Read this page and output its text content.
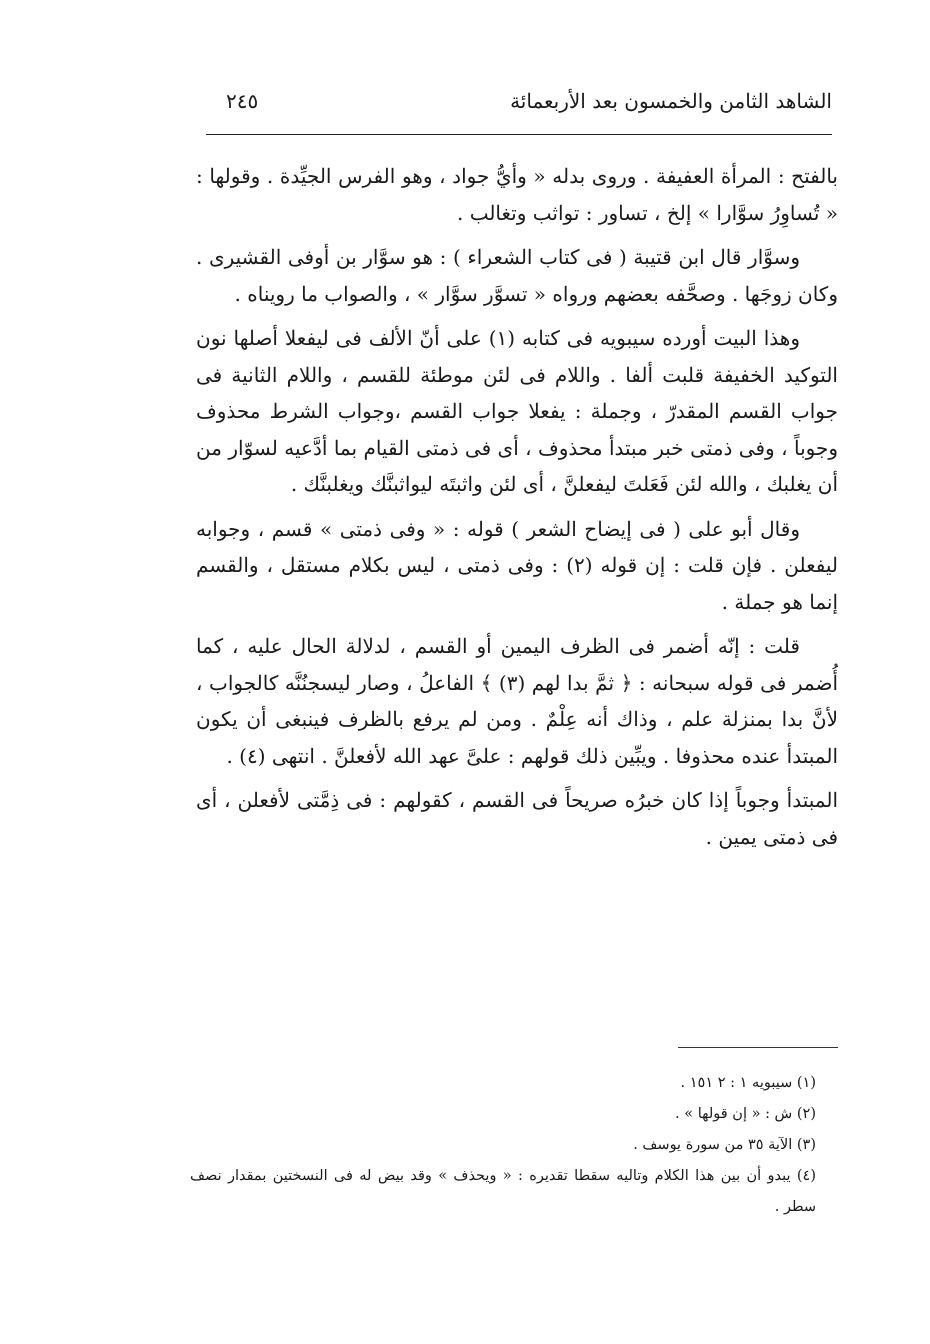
الشاهد الثامن والخمسون بعد الأربعمائة
٢٤٥

بالفتح : المرأة العفيفة . وروى بدله « وأيُّ جواد ، وهو الفرس الجيِّدة . وقولها : « تُساوِرُ سوَّارا » إلخ ، تساور : تواثب وتغالب .

وسوَّار قال ابن قتيبة ( فى كتاب الشعراء ) : هو سوَّار بن أوفى القشيرى . وكان زوجَها . وصحَّفه بعضهم ورواه « تسوَّر سوَّار » ، والصواب ما رويناه .

وهذا البيت أورده سيبويه فى كتابه (١) على أنّ الألف فى ليفعلا أصلها نون التوكيد الخفيفة قلبت ألفا . واللام فى لئن موطئة للقسم ، واللام الثانية فى جواب القسم المقدرّ ، وجملة : يفعلا جواب القسم ،وجواب الشرط محذوف وجوباً ، وفى ذمتى خبر مبتدأ محذوف ، أى فى ذمتى القيام بما أدَّعيه لسوّار من أن يغلبك ، والله لئن فَعَلتَ ليفعلنَّ ، أى لئن واثبتَه ليواثبنَّك ويغلبنَّك .

وقال أبو على ( فى إيضاح الشعر ) قوله : « وفى ذمتى » قسم ، وجوابه ليفعلن . فإن قلت : إن قوله (٢) : وفى ذمتى ، ليس بكلام مستقل ، والقسم إنما هو جملة .

قلت : إنّه أضمر فى الظرف اليمين أو القسم ، لدلالة الحال عليه ، كما أُضمر فى قوله سبحانه : ﴿ ثمَّ بدا لهم (٣) ﴾ الفاعلُ ، وصار ليسجنُنَّه كالجواب ، لأنَّ بدا بمنزلة علم ، وذاك أنه عِلْمٌ . ومن لم يرفع بالظرف فينبغى أن يكون المبتدأ عنده محذوفا . ويبِّين ذلك قولهم : علىَّ عهد الله لأفعلنَّ . انتهى (٤) .

المبتدأ وجوباً إذا كان خبرُه صريحاً فى القسم ، كقولهم : فى ذِمَّتى لأفعلن ، أى فى ذمتى يمين .

(١) سيبويه ١ : ٢ ١٥١ .

(٢) ش : « إن قولها » .

(٣) الآية ٣٥ من سورة يوسف .

(٤) يبدو أن بين هذا الكلام وتاليه سقطا تقديره : « ويحذف » وقد بيض له فى النسختين بمقدار نصف سطر .
